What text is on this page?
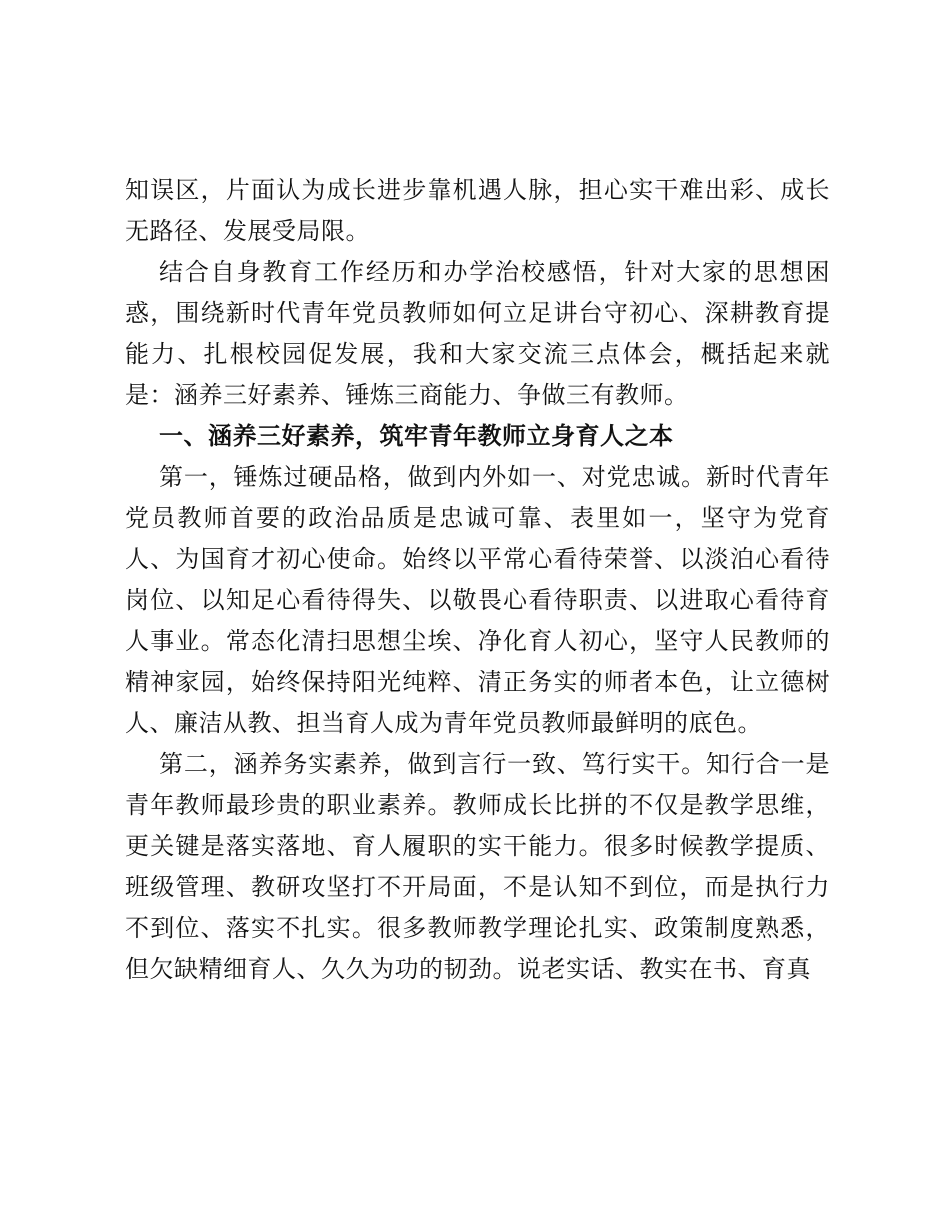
知误区，片面认为成长进步靠机遇人脉，担心实干难出彩、成长无路径、发展受局限。

结合自身教育工作经历和办学治校感悟，针对大家的思想困惑，围绕新时代青年党员教师如何立足讲台守初心、深耕教育提能力、扎根校园促发展，我和大家交流三点体会，概括起来就是：涵养三好素养、锤炼三商能力、争做三有教师。

一、涵养三好素养，筑牢青年教师立身育人之本

第一，锤炼过硬品格，做到内外如一、对党忠诚。新时代青年党员教师首要的政治品质是忠诚可靠、表里如一，坚守为党育人、为国育才初心使命。始终以平常心看待荣誉、以淡泊心看待岗位、以知足心看待得失、以敬畏心看待职责、以进取心看待育人事业。常态化清扫思想尘埃、净化育人初心，坚守人民教师的精神家园，始终保持阳光纯粹、清正务实的师者本色，让立德树人、廉洁从教、担当育人成为青年党员教师最鲜明的底色。

第二，涵养务实素养，做到言行一致、笃行实干。知行合一是青年教师最珍贵的职业素养。教师成长比拼的不仅是教学思维，更关键是落实落地、育人履职的实干能力。很多时候教学提质、班级管理、教研攻坚打不开局面，不是认知不到位，而是执行力不到位、落实不扎实。很多教师教学理论扎实、政策制度熟悉，但欠缺精细育人、久久为功的韧劲。说老实话、教实在书、育真
